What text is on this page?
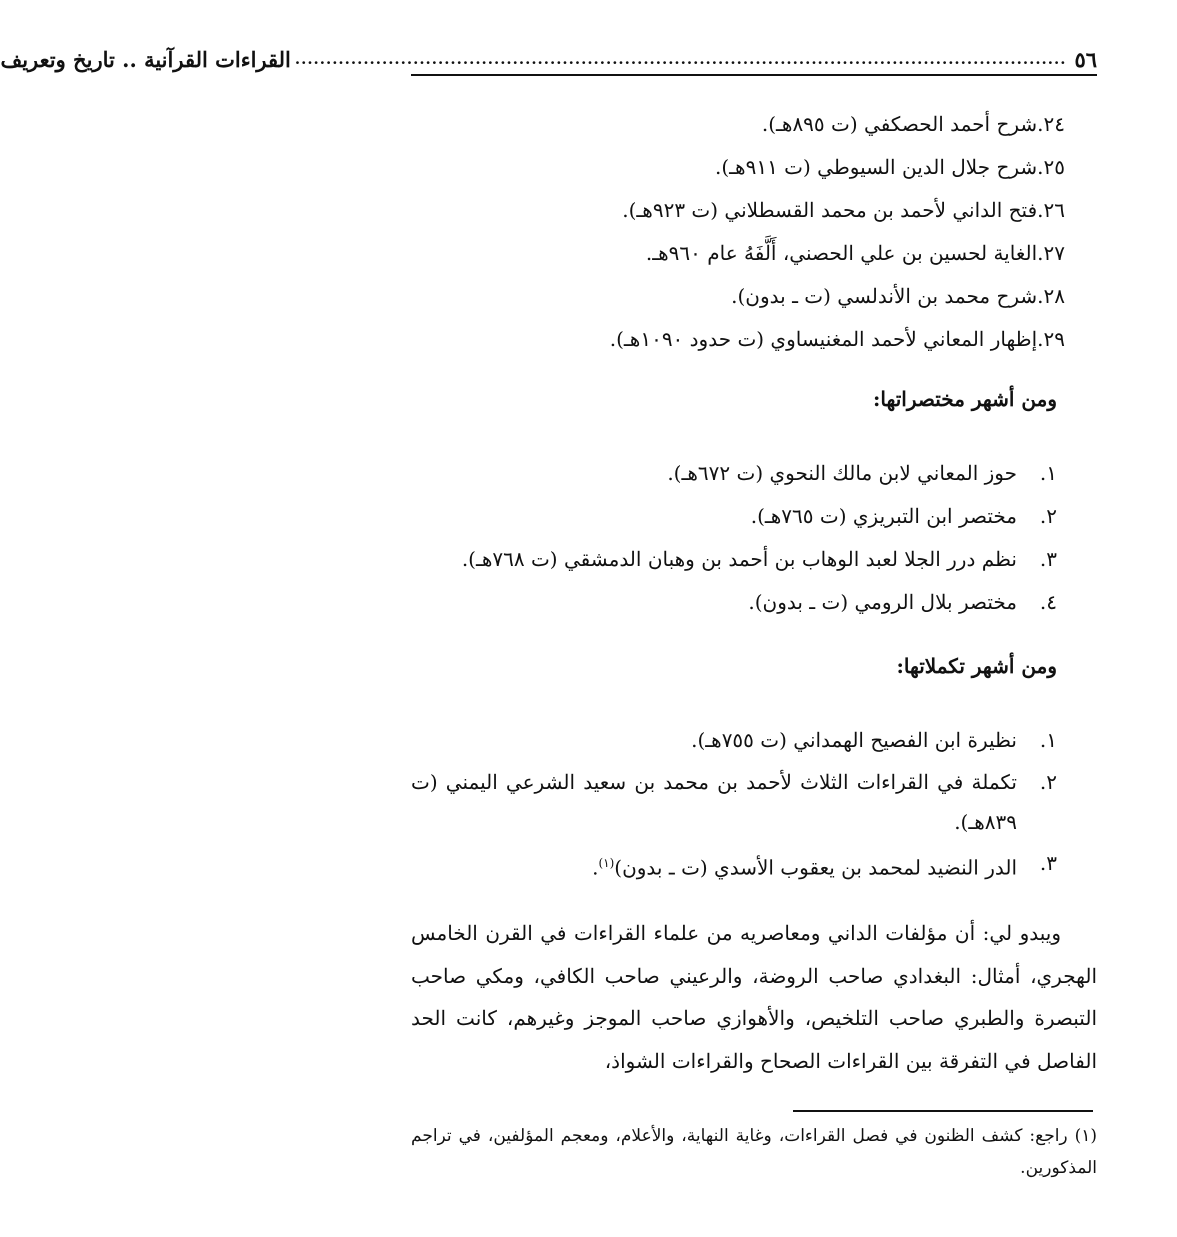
٥٦
............................................................................................................................
القراءات القرآنية .. تاريخ وتعريف
٢٤.شرح أحمد الحصكفي (ت ٨٩٥هـ).
٢٥.شرح جلال الدين السيوطي (ت ٩١١هـ).
٢٦.فتح الداني لأحمد بن محمد القسطلاني (ت ٩٢٣هـ).
٢٧.الغاية لحسين بن علي الحصني، أَلَّفَهُ عام ٩٦٠هـ.
٢٨.شرح محمد بن الأندلسي (ت ـ بدون).
٢٩.إظهار المعاني لأحمد المغنيساوي (ت حدود ١٠٩٠هـ).
ومن أشهر مختصراتها:
١.
حوز المعاني لابن مالك النحوي (ت ٦٧٢هـ).
٢.
مختصر ابن التبريزي (ت ٧٦٥هـ).
٣.
نظم درر الجلا لعبد الوهاب بن أحمد بن وهبان الدمشقي (ت ٧٦٨هـ).
٤.
مختصر بلال الرومي (ت ـ بدون).
ومن أشهر تكملاتها:
١.
نظيرة ابن الفصيح الهمداني (ت ٧٥٥هـ).
٢.
تكملة في القراءات الثلاث لأحمد بن محمد بن سعيد الشرعي اليمني (ت ٨٣٩هـ).
٣.
الدر النضيد لمحمد بن يعقوب الأسدي (ت ـ بدون)$^{(١)}$.

ويبدو لي: أن مؤلفات الداني ومعاصريه من علماء القراءات في القرن الخامس الهجري، أمثال: البغدادي صاحب الروضة، والرعيني صاحب الكافي، ومكي صاحب التبصرة والطبري صاحب التلخيص، والأهوازي صاحب الموجز وغيرهم، كانت الحد الفاصل في التفرقة بين القراءات الصحاح والقراءات الشواذ،

(١) راجع: كشف الظنون في فصل القراءات، وغاية النهاية، والأعلام، ومعجم المؤلفين، في تراجم المذكورين.
